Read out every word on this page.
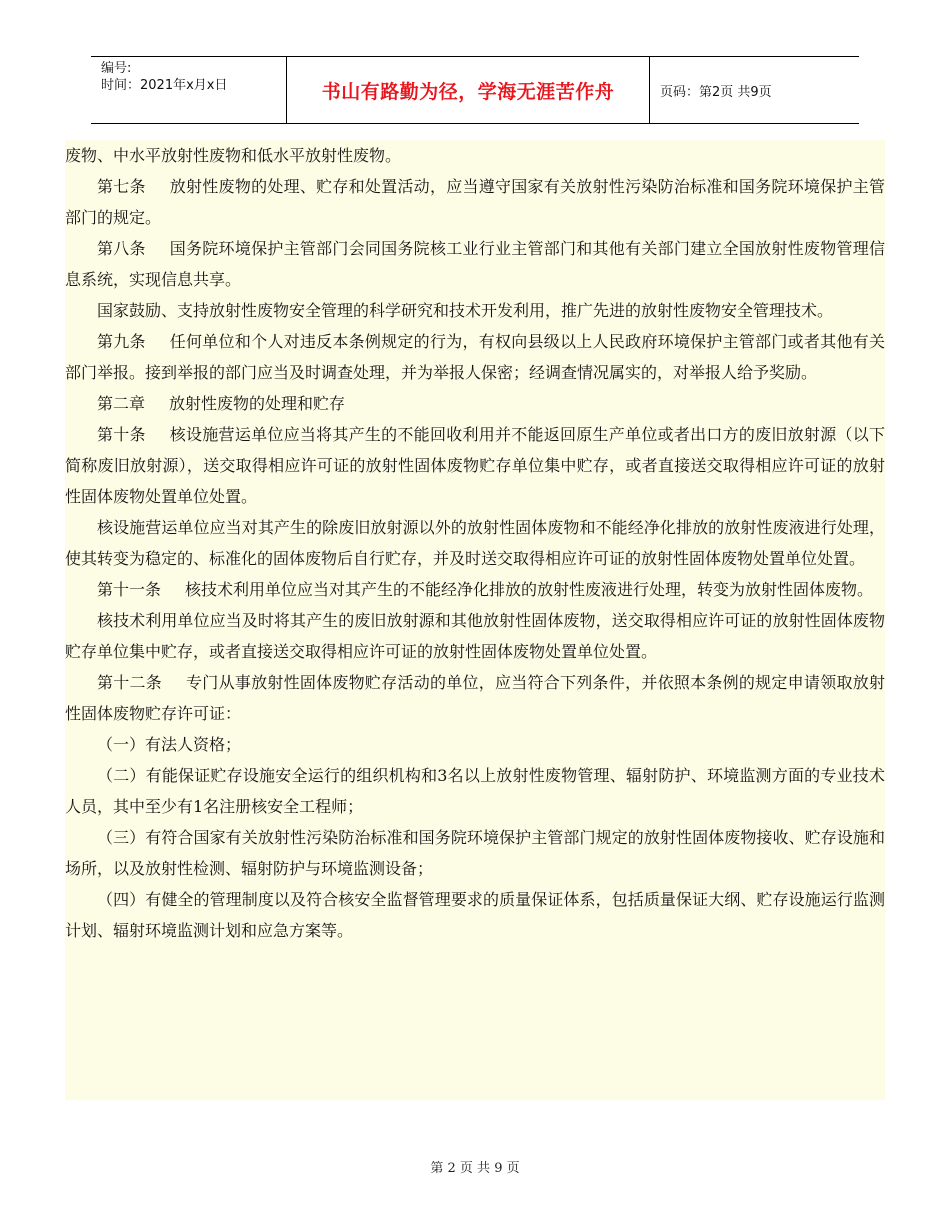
编号:
时间：2021年x月x日	书山有路勤为径，学海无涯苦作舟	页码：第2页 共9页

废物、中水平放射性废物和低水平放射性废物。

第七条 放射性废物的处理、贮存和处置活动，应当遵守国家有关放射性污染防治标准和国务院环境保护主管部门的规定。

第八条 国务院环境保护主管部门会同国务院核工业行业主管部门和其他有关部门建立全国放射性废物管理信息系统，实现信息共享。

国家鼓励、支持放射性废物安全管理的科学研究和技术开发利用，推广先进的放射性废物安全管理技术。

第九条 任何单位和个人对违反本条例规定的行为，有权向县级以上人民政府环境保护主管部门或者其他有关部门举报。接到举报的部门应当及时调查处理，并为举报人保密；经调查情况属实的，对举报人给予奖励。

第二章 放射性废物的处理和贮存

第十条 核设施营运单位应当将其产生的不能回收利用并不能返回原生产单位或者出口方的废旧放射源（以下简称废旧放射源），送交取得相应许可证的放射性固体废物贮存单位集中贮存，或者直接送交取得相应许可证的放射性固体废物处置单位处置。

核设施营运单位应当对其产生的除废旧放射源以外的放射性固体废物和不能经净化排放的放射性废液进行处理，使其转变为稳定的、标准化的固体废物后自行贮存，并及时送交取得相应许可证的放射性固体废物处置单位处置。

第十一条 核技术利用单位应当对其产生的不能经净化排放的放射性废液进行处理，转变为放射性固体废物。

核技术利用单位应当及时将其产生的废旧放射源和其他放射性固体废物，送交取得相应许可证的放射性固体废物贮存单位集中贮存，或者直接送交取得相应许可证的放射性固体废物处置单位处置。

第十二条 专门从事放射性固体废物贮存活动的单位，应当符合下列条件，并依照本条例的规定申请领取放射性固体废物贮存许可证：

（一）有法人资格；

（二）有能保证贮存设施安全运行的组织机构和3名以上放射性废物管理、辐射防护、环境监测方面的专业技术人员，其中至少有1名注册核安全工程师；

（三）有符合国家有关放射性污染防治标准和国务院环境保护主管部门规定的放射性固体废物接收、贮存设施和场所，以及放射性检测、辐射防护与环境监测设备；

（四）有健全的管理制度以及符合核安全监督管理要求的质量保证体系，包括质量保证大纲、贮存设施运行监测计划、辐射环境监测计划和应急方案等。

第 2 页 共 9 页
